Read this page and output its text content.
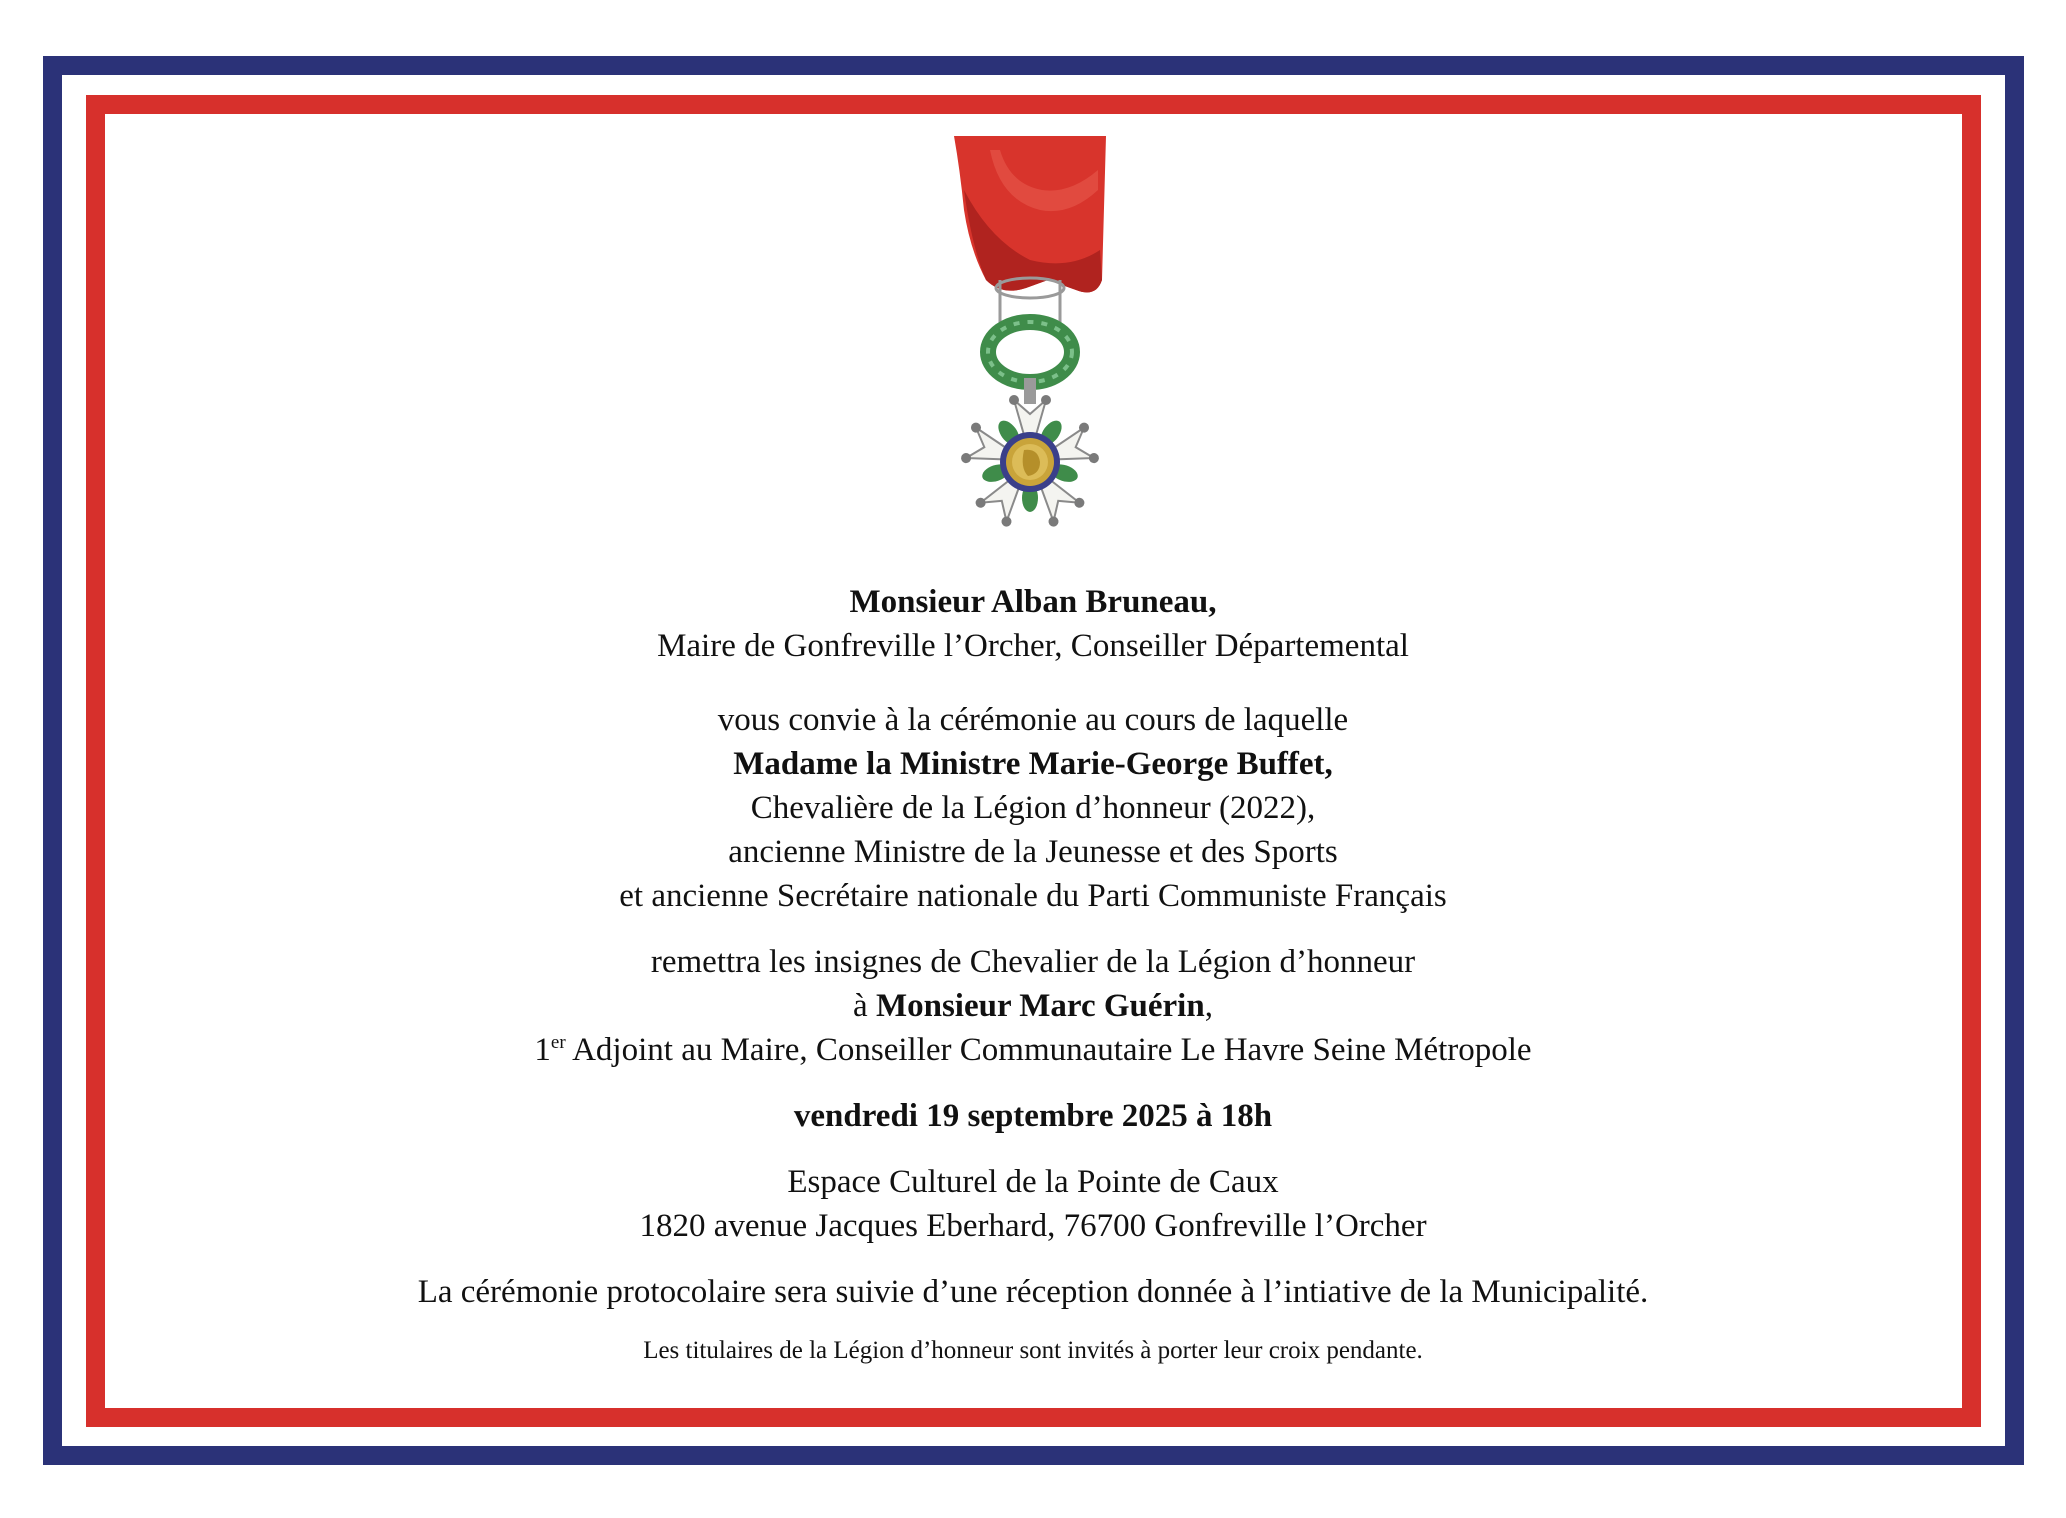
Monsieur Alban Bruneau,

Maire de Gonfreville l’Orcher, Conseiller Départemental

vous convie à la cérémonie au cours de laquelle

Madame la Ministre Marie-George Buffet,

Chevalière de la Légion d’honneur (2022),

ancienne Ministre de la Jeunesse et des Sports

et ancienne Secrétaire nationale du Parti Communiste Français

remettra les insignes de Chevalier de la Légion d’honneur

à Monsieur Marc Guérin,

1er Adjoint au Maire, Conseiller Communautaire Le Havre Seine Métropole

vendredi 19 septembre 2025 à 18h

Espace Culturel de la Pointe de Caux

1820 avenue Jacques Eberhard, 76700 Gonfreville l’Orcher

La cérémonie protocolaire sera suivie d’une réception donnée à l’intiative de la Municipalité.

Les titulaires de la Légion d’honneur sont invités à porter leur croix pendante.
